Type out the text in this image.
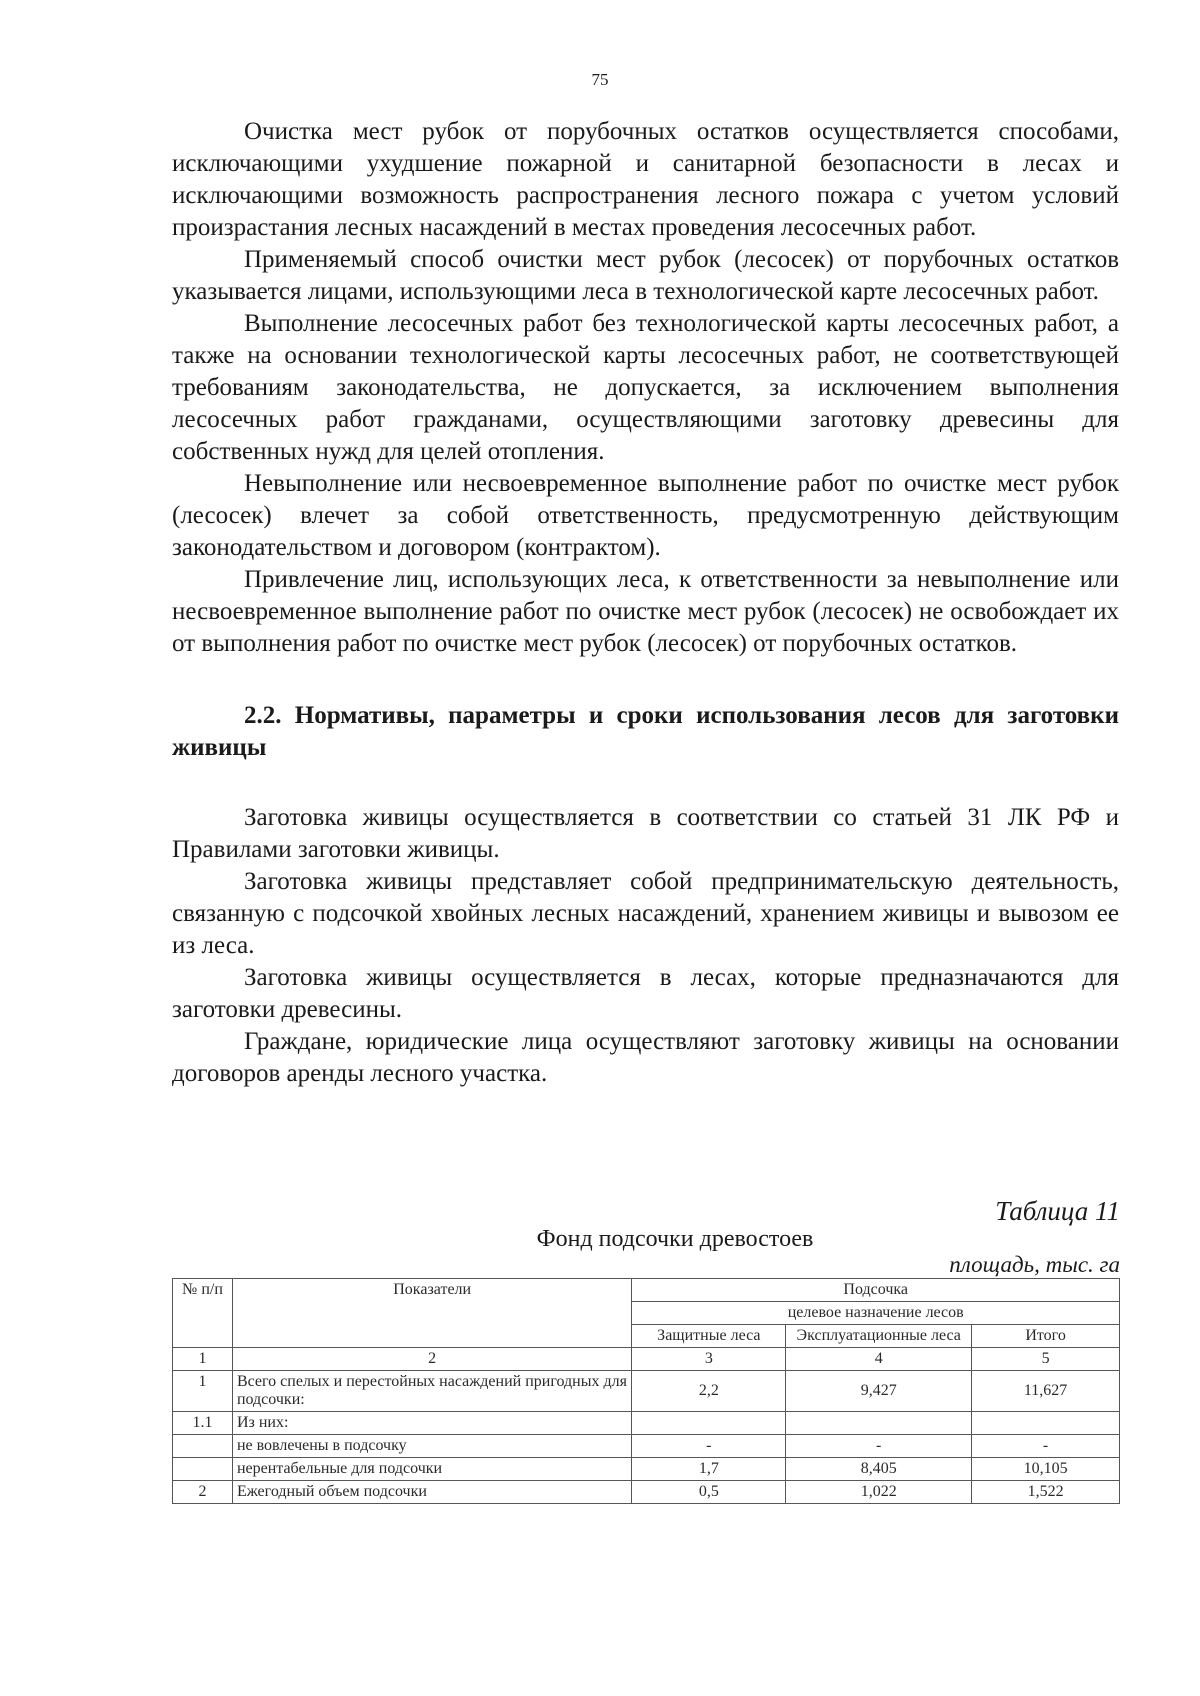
75

Очистка мест рубок от порубочных остатков осуществляется способами, исключающими ухудшение пожарной и санитарной безопасности в лесах и исключающими возможность распространения лесного пожара с учетом условий произрастания лесных насаждений в местах проведения лесосечных работ.

Применяемый способ очистки мест рубок (лесосек) от порубочных остатков указывается лицами, использующими леса в технологической карте лесосечных работ.

Выполнение лесосечных работ без технологической карты лесосечных работ, а также на основании технологической карты лесосечных работ, не соответствующей требованиям законодательства, не допускается, за исключением выполнения лесосечных работ гражданами, осуществляющими заготовку древесины для собственных нужд для целей отопления.

Невыполнение или несвоевременное выполнение работ по очистке мест рубок (лесосек) влечет за собой ответственность, предусмотренную действующим законодательством и договором (контрактом).

Привлечение лиц, использующих леса, к ответственности за невыполнение или несвоевременное выполнение работ по очистке мест рубок (лесосек) не освобождает их от выполнения работ по очистке мест рубок (лесосек) от порубочных остатков.

2.2. Нормативы, параметры и сроки использования лесов для заготовки живицы

Заготовка живицы осуществляется в соответствии со статьей 31 ЛК РФ и Правилами заготовки живицы.

Заготовка живицы представляет собой предпринимательскую деятельность, связанную с подсочкой хвойных лесных насаждений, хранением живицы и вывозом ее из леса.

Заготовка живицы осуществляется в лесах, которые предназначаются для заготовки древесины.

Граждане, юридические лица осуществляют заготовку живицы на основании договоров аренды лесного участка.

Таблица 11
Фонд подсочки древостоев
площадь, тыс. га
№ п/п	Показатели	Подсочка		
		целевое назначение лесов		
		Защитные леса	Эксплуатационные леса	Итого
1	2	3	4	5
1	Всего спелых и перестойных насаждений пригодных для подсочки:	2,2	9,427	11,627
1.1	Из них:			
	не вовлечены в подсочку	-	-	-
	нерентабельные для подсочки	1,7	8,405	10,105
2	Ежегодный объем подсочки	0,5	1,022	1,522
